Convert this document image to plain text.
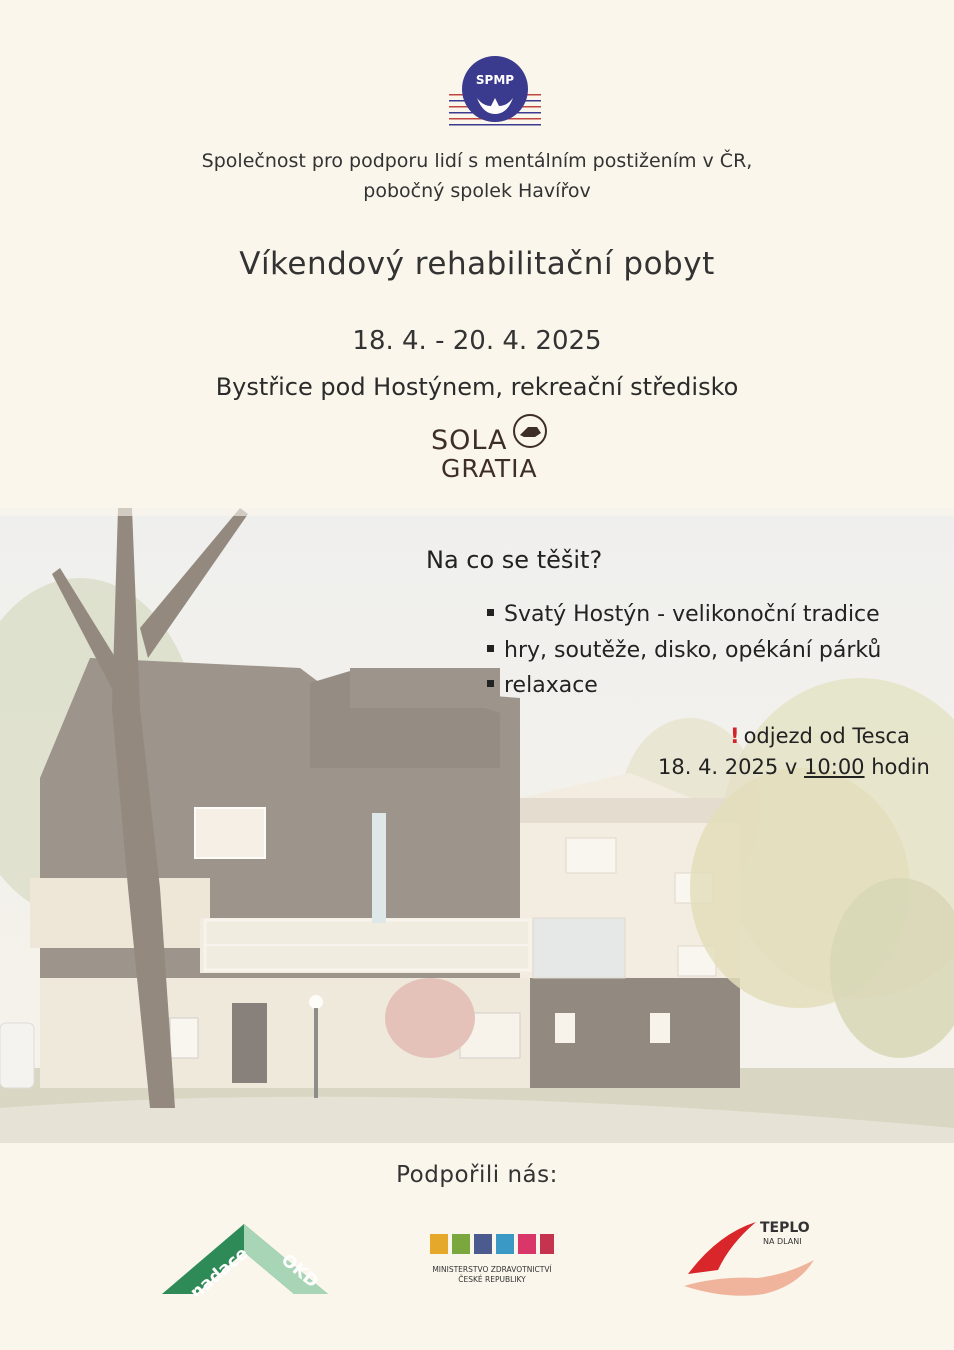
SPMP
Společnost pro podporu lidí s mentálním postižením v ČR,
pobočný spolek Havířov
Víkendový rehabilitační pobyt
18. 4. - 20. 4. 2025
Bystřice pod Hostýnem, rekreační středisko
SOLA
GRATIA
Na co se těšit?
Svatý Hostýn - velikonoční tradice
hry, soutěže, disko, opékání párků
relaxace
! odjezd od Tesca
18. 4. 2025 v 10:00 hodin
Podpořili nás:
nadace OKD	MINISTERSTVO ZDRAVOTNICTVÍ
ČESKÉ REPUBLIKY
TEPLO
NA DLANI
